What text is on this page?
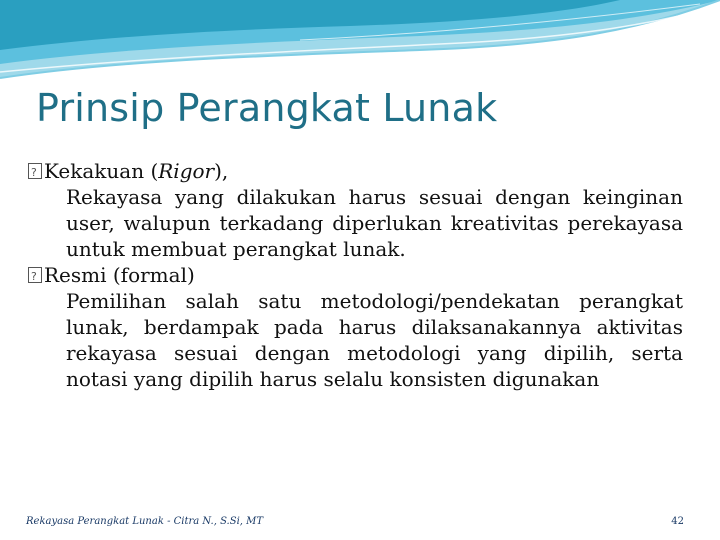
Prinsip Perangkat Lunak
?
Kekakuan (Rigor),
Rekayasa yang dilakukan harus sesuai dengan keinginan user, walupun terkadang diperlukan kreativitas perekayasa untuk membuat perangkat lunak.
?
Resmi (formal)
Pemilihan salah satu metodologi/pendekatan perangkat lunak, berdampak pada harus dilaksanakannya aktivitas rekayasa sesuai dengan metodologi yang dipilih, serta notasi yang dipilih harus selalu konsisten digunakan
Rekayasa Perangkat Lunak - Citra N., S.Si, MT	42
